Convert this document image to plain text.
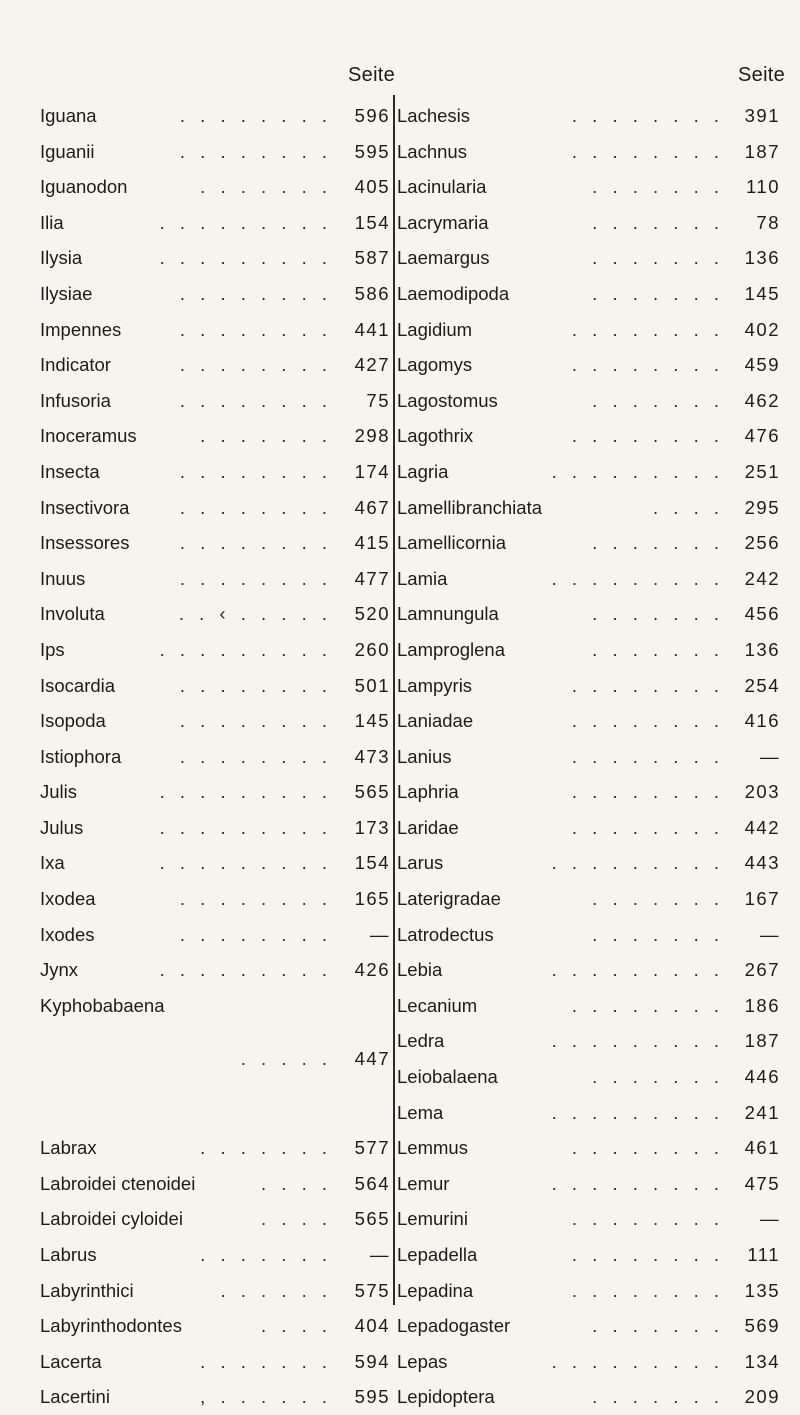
Seite	Seite
Iguana	. . . . . . . .	596
Iguanii	. . . . . . . .	595
Iguanodon	. . . . . . .	405
Ilia	. . . . . . . . .	154
Ilysia	. . . . . . . . .	587
Ilysiae	. . . . . . . .	586
Impennes	. . . . . . . .	441
Indicator	. . . . . . . .	427
Infusoria	. . . . . . . .	75
Inoceramus	. . . . . . .	298
Insecta	. . . . . . . .	174
Insectivora	. . . . . . . .	467
Insessores	. . . . . . . .	415
Inuus	. . . . . . . .	477
Involuta	. . ‹ . . . . .	520
Ips	. . . . . . . . .	260
Isocardia	. . . . . . . .	501
Isopoda	. . . . . . . .	145
Istiophora	. . . . . . . .	473
Julis	. . . . . . . . .	565
Julus	. . . . . . . . .	173
Ixa	. . . . . . . . .	154
Ixodea	. . . . . . . .	165
Ixodes	. . . . . . . .	—
Jynx	. . . . . . . . .	426
Kyphobabaena
. . . . .	447
Labrax	. . . . . . .	577
Labroidei ctenoidei	. . . .	564
Labroidei cyloidei	. . . .	565
Labrus	. . . . . . .	—
Labyrinthici	. . . . . .	575
Labyrinthodontes	. . . .	404
Lacerta	. . . . . . .	594
Lacertini	, . . . . . .	595
Lachesis	. . . . . . . .	391
Lachnus	. . . . . . . .	187
Lacinularia	. . . . . . .	110
Lacrymaria	. . . . . . .	78
Laemargus	. . . . . . .	136
Laemodipoda	. . . . . . .	145
Lagidium	. . . . . . . .	402
Lagomys	. . . . . . . .	459
Lagostomus	. . . . . . .	462
Lagothrix	. . . . . . . .	476
Lagria	. . . . . . . . .	251
Lamellibranchiata	. . . .	295
Lamellicornia	. . . . . . .	256
Lamia	. . . . . . . . .	242
Lamnungula	. . . . . . .	456
Lamproglena	. . . . . . .	136
Lampyris	. . . . . . . .	254
Laniadae	. . . . . . . .	416
Lanius	. . . . . . . .	—
Laphria	. . . . . . . .	203
Laridae	. . . . . . . .	442
Larus	. . . . . . . . .	443
Laterigradae	. . . . . . .	167
Latrodectus	. . . . . . .	—
Lebia	. . . . . . . . .	267
Lecanium	. . . . . . . .	186
Ledra	. . . . . . . . .	187
Leiobalaena	. . . . . . .	446
Lema	. . . . . . . . .	241
Lemmus	. . . . . . . .	461
Lemur	. . . . . . . . .	475
Lemurini	. . . . . . . .	—
Lepadella	. . . . . . . .	111
Lepadina	. . . . . . . .	135
Lepadogaster	. . . . . . .	569
Lepas	. . . . . . . . .	134
Lepidoptera	. . . . . . .	209
